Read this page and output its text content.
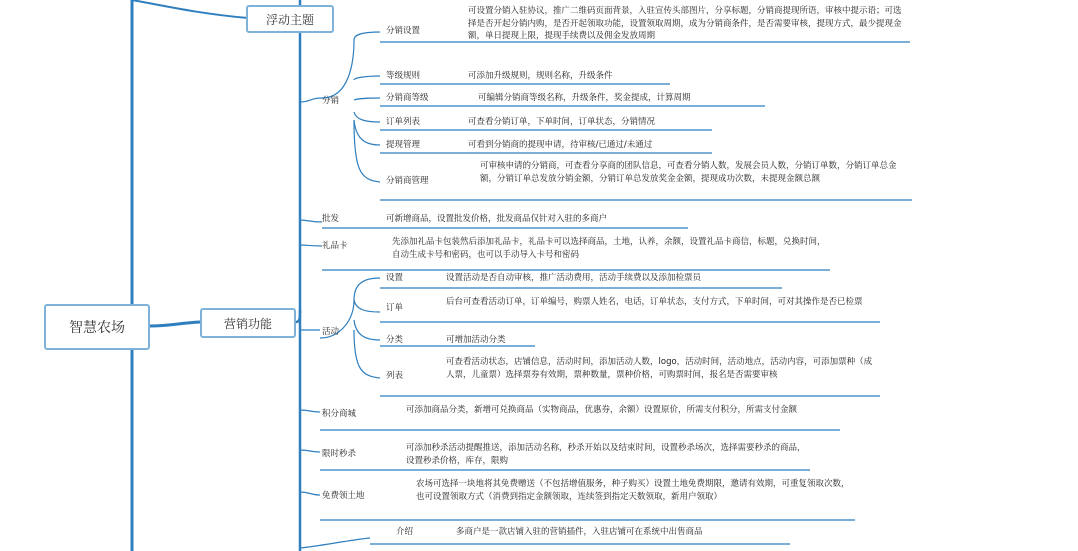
智慧农场	营销功能
浮动主题
分销
分销设置
可设置分销入驻协议，推广二维码页面背景，入驻宣传头部图片，分享标题，分销商提现所语，审核中提示语；可选择是否开起分销内购，是否开起领取功能，设置领取周期，成为分销商条件，是否需要审核，提现方式，最少提现金额，单日提现上限，提现手续费以及佣金发放周期
等级规则	可添加升级规则，规则名称，升级条件
分销商等级	可编辑分销商等级名称，升级条件，奖金提成，计算周期
订单列表	可查看分销订单，下单时间，订单状态，分销情况
提现管理	可看到分销商的提现申请，待审核/已通过/未通过
分销商管理
可审核申请的分销商，可查看分享商的团队信息，可查看分销人数，发展会员人数，分销订单数，分销订单总金额，分销订单总发放分销金额，分销订单总发放奖金金额，提现成功次数，未提现金额总额
批发	可新增商品，设置批发价格，批发商品仅针对入驻的多商户
礼品卡	先添加礼品卡包装然后添加礼品卡，礼品卡可以选择商品，土地，认养，余额，设置礼品卡商信，标题，兑换时间，自动生成卡号和密码，也可以手动导入卡号和密码
活动
设置	设置活动是否自动审核，推广活动费用，活动手续费以及添加检票员
订单
后台可查看活动订单，订单编号，购票人姓名，电话，订单状态，支付方式，下单时间，可对其操作是否已检票
分类	可增加活动分类
列表
可查看活动状态，店铺信息，活动时间，添加活动人数，logo，活动时间，活动地点，活动内容，可添加票种（成人票，儿童票）选择票券有效期，票种数量，票种价格，可购票时间，报名是否需要审核
积分商城	可添加商品分类，新增可兑换商品（实物商品，优惠券，余额）设置原价，所需支付积分，所需支付金额
限时秒杀
可添加秒杀活动提醒推送，添加活动名称，秒杀开始以及结束时间，设置秒杀场次，选择需要秒杀的商品，设置秒杀价格，库存，限购
免费领土地
农场可选择一块地将其免费赠送（不包括增值服务，种子购买）设置土地免费期限，邀请有效期，可重复领取次数，也可设置领取方式（消费到指定金额领取，连续签到指定天数领取，新用户领取）
介绍	多商户是一款店铺入驻的营销插件，入驻店铺可在系统中出售商品
